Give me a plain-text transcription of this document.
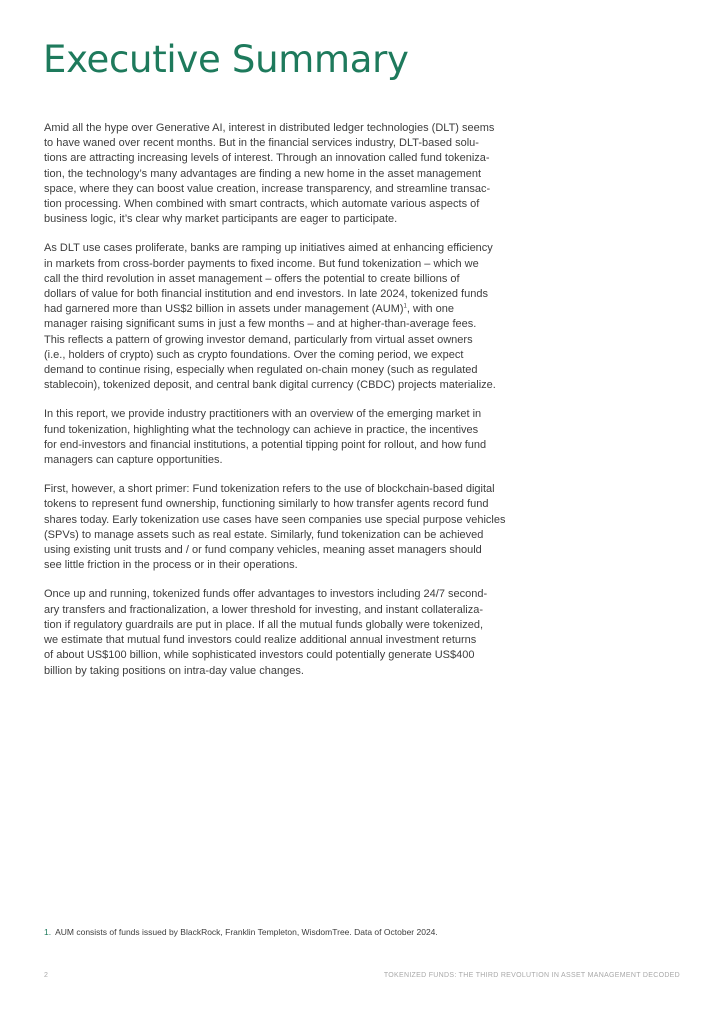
Executive Summary

Amid all the hype over Generative AI, interest in distributed ledger technologies (DLT) seems
to have waned over recent months. But in the financial services industry, DLT-based solu-
tions are attracting increasing levels of interest. Through an innovation called fund tokeniza-
tion, the technology’s many advantages are finding a new home in the asset management
space, where they can boost value creation, increase transparency, and streamline transac-
tion processing. When combined with smart contracts, which automate various aspects of
business logic, it’s clear why market participants are eager to participate.

As DLT use cases proliferate, banks are ramping up initiatives aimed at enhancing efficiency
in markets from cross-border payments to fixed income. But fund tokenization – which we
call the third revolution in asset management – offers the potential to create billions of
dollars of value for both financial institution and end investors. In late 2024, tokenized funds
had garnered more than US$2 billion in assets under management (AUM)$^1$, with one
manager raising significant sums in just a few months – and at higher-than-average fees.
This reflects a pattern of growing investor demand, particularly from virtual asset owners
(i.e., holders of crypto) such as crypto foundations. Over the coming period, we expect
demand to continue rising, especially when regulated on-chain money (such as regulated
stablecoin), tokenized deposit, and central bank digital currency (CBDC) projects materialize.

In this report, we provide industry practitioners with an overview of the emerging market in
fund tokenization, highlighting what the technology can achieve in practice, the incentives
for end-investors and financial institutions, a potential tipping point for rollout, and how fund
managers can capture opportunities.

First, however, a short primer: Fund tokenization refers to the use of blockchain-based digital
tokens to represent fund ownership, functioning similarly to how transfer agents record fund
shares today. Early tokenization use cases have seen companies use special purpose vehicles
(SPVs) to manage assets such as real estate. Similarly, fund tokenization can be achieved
using existing unit trusts and / or fund company vehicles, meaning asset managers should
see little friction in the process or in their operations.

Once up and running, tokenized funds offer advantages to investors including 24/7 second-
ary transfers and fractionalization, a lower threshold for investing, and instant collateraliza-
tion if regulatory guardrails are put in place. If all the mutual funds globally were tokenized,
we estimate that mutual fund investors could realize additional annual investment returns
of about US$100 billion, while sophisticated investors could potentially generate US$400
billion by taking positions on intra-day value changes.

1. AUM consists of funds issued by BlackRock, Franklin Templeton, WisdomTree. Data of October 2024.
2	TOKENIZED FUNDS: THE THIRD REVOLUTION IN ASSET MANAGEMENT DECODED
